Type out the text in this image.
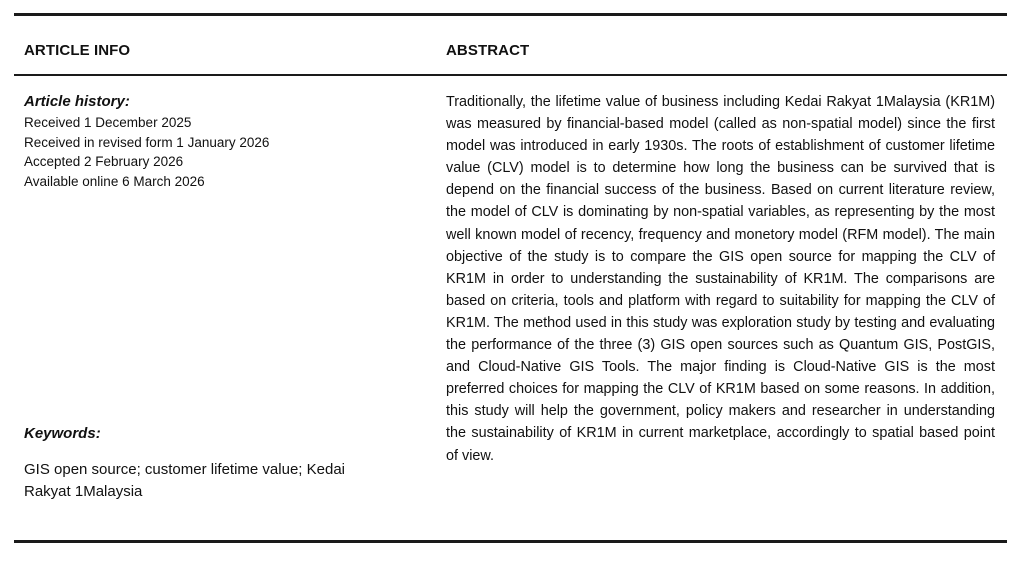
ARTICLE INFO	ABSTRACT
Article history:
Received 1 December 2025
Received in revised form 1 January 2026
Accepted 2 February 2026
Available online 6 March 2026
Keywords:
GIS open source; customer lifetime value; Kedai Rakyat 1Malaysia
Traditionally, the lifetime value of business including Kedai Rakyat 1Malaysia (KR1M) was measured by financial-based model (called as non-spatial model) since the first model was introduced in early 1930s. The roots of establishment of customer lifetime value (CLV) model is to determine how long the business can be survived that is depend on the financial success of the business. Based on current literature review, the model of CLV is dominating by non-spatial variables, as representing by the most well known model of recency, frequency and monetory model (RFM model). The main objective of the study is to compare the GIS open source for mapping the CLV of KR1M in order to understanding the sustainability of KR1M. The comparisons are based on criteria, tools and platform with regard to suitability for mapping the CLV of KR1M. The method used in this study was exploration study by testing and evaluating the performance of the three (3) GIS open sources such as Quantum GIS, PostGIS, and Cloud-Native GIS Tools. The major finding is Cloud-Native GIS is the most preferred choices for mapping the CLV of KR1M based on some reasons. In addition, this study will help the government, policy makers and researcher in understanding the sustainability of KR1M in current marketplace, accordingly to spatial based point of view.
